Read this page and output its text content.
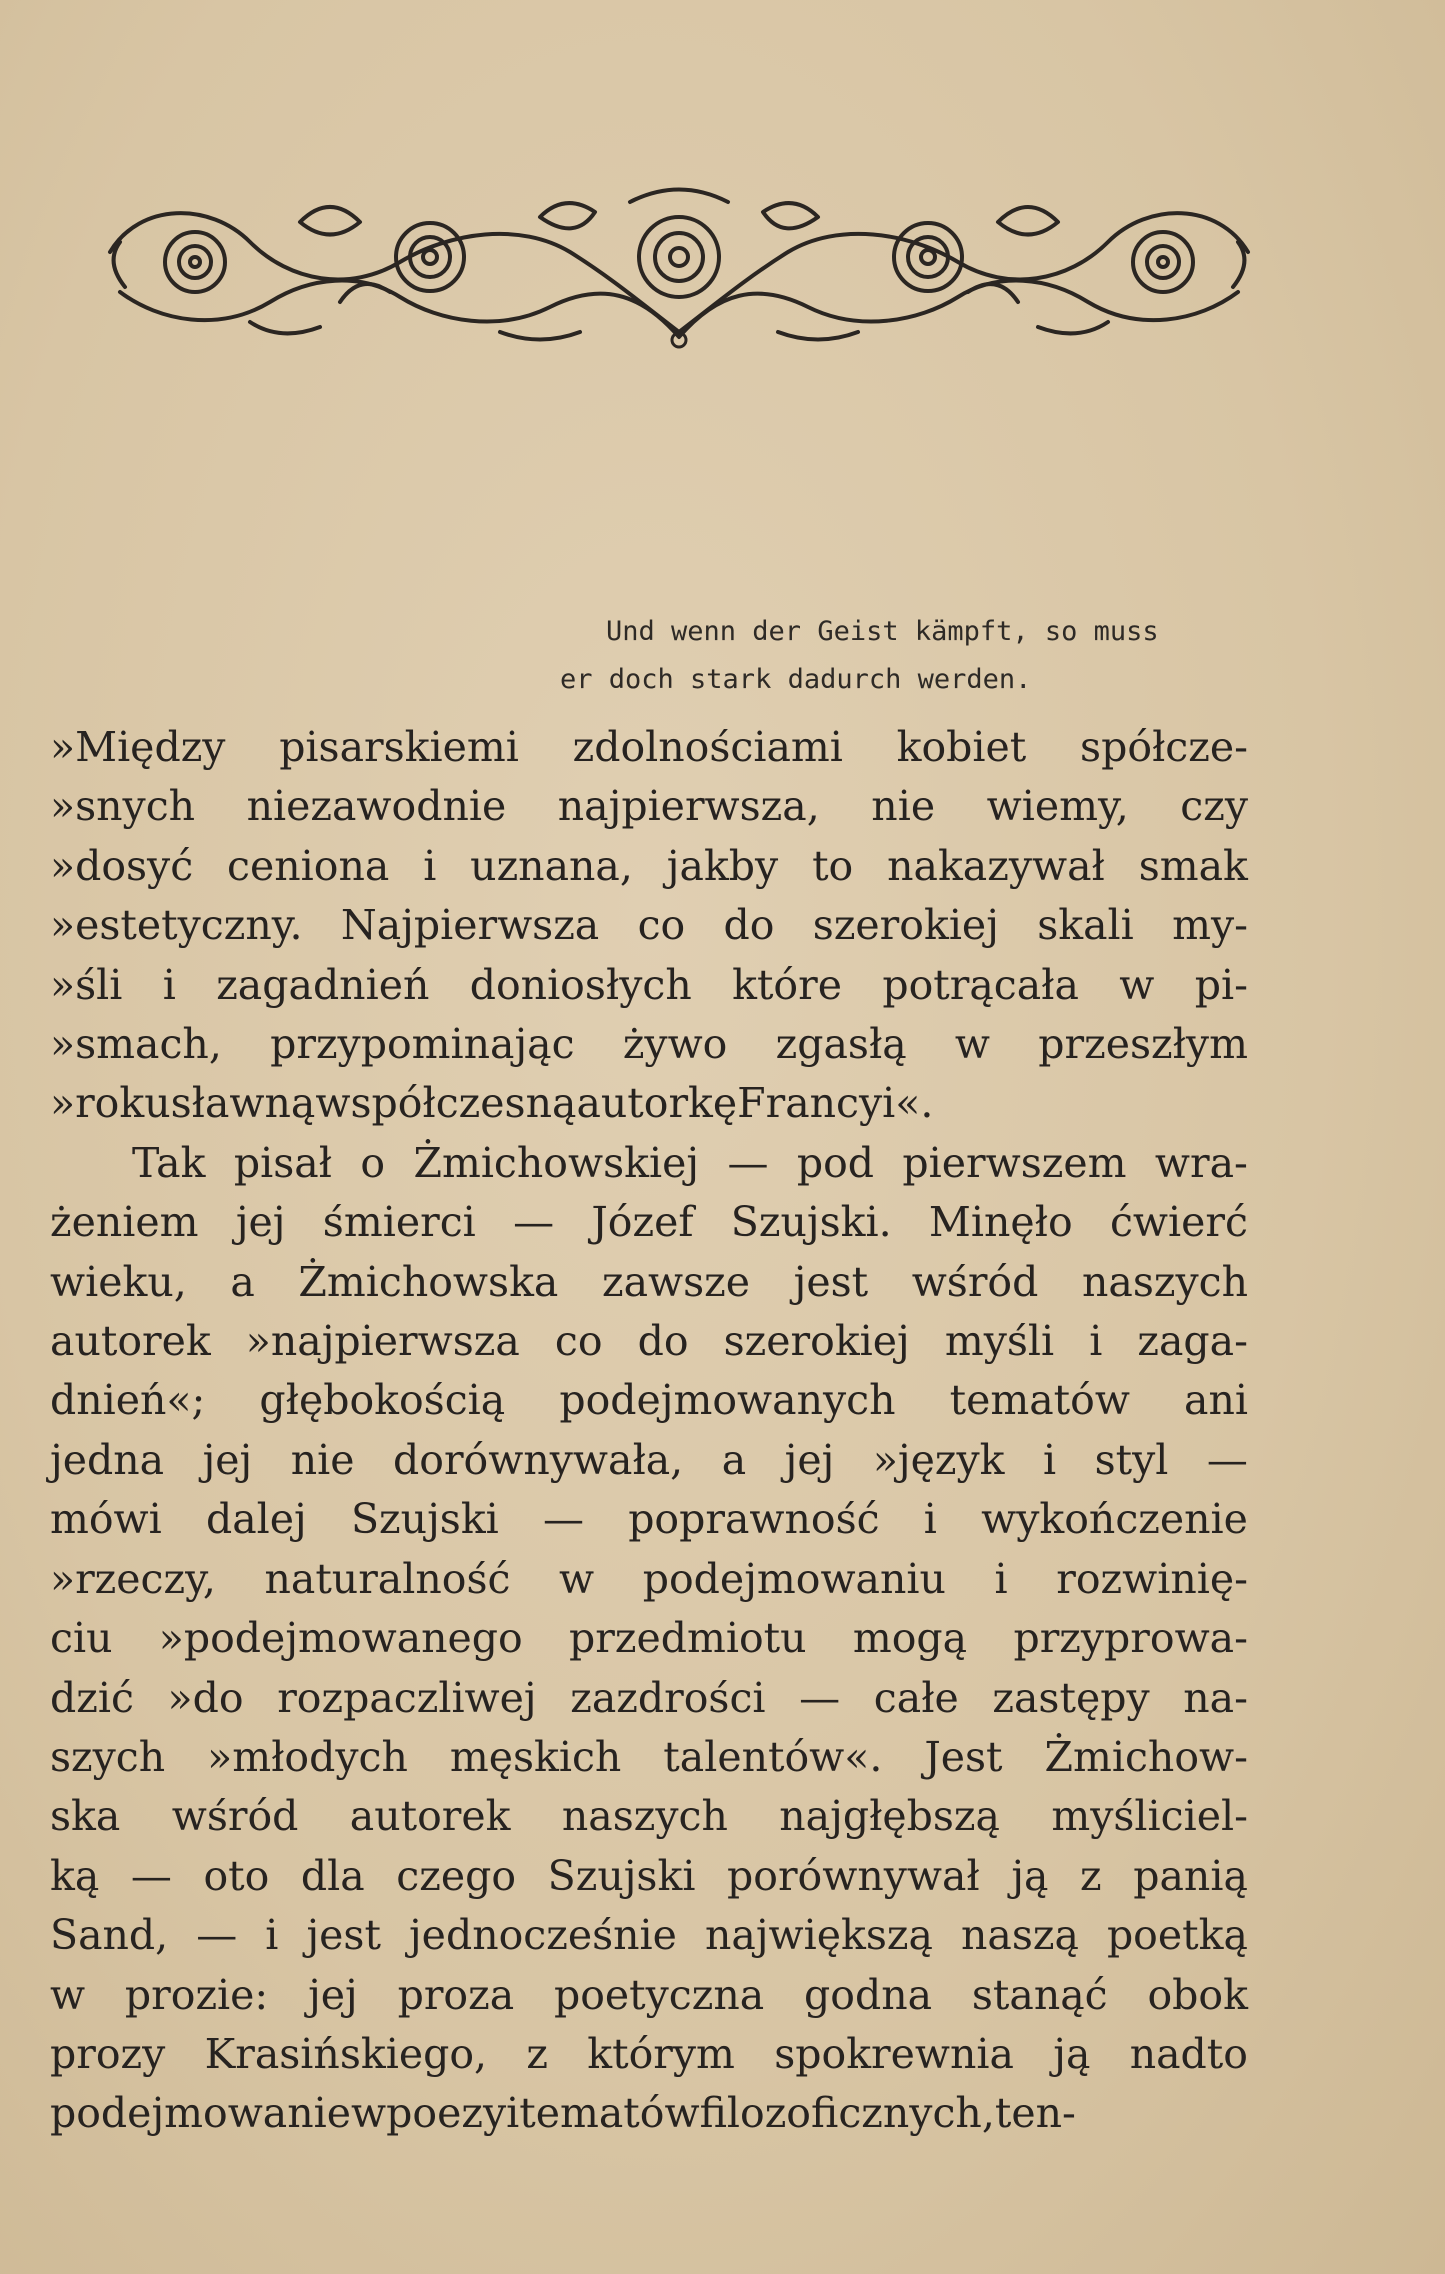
Und wenn der Geist kämpft, so muss
er doch stark dadurch werden.
»Między pisarskiemi zdolnościami kobiet spółcze-
»snych niezawodnie najpierwsza, nie wiemy, czy
»dosyć ceniona i uznana, jakby to nakazywał smak
»estetyczny. Najpierwsza co do szerokiej skali my-
»śli i zagadnień doniosłych które potrącała w pi-
»smach, przypominając żywo zgasłą w przeszłym
»roku sławną współczesną autorkę Francyi«.
Tak pisał o Żmichowskiej — pod pierwszem wra-
żeniem jej śmierci — Józef Szujski. Minęło ćwierć
wieku, a Żmichowska zawsze jest wśród naszych
autorek »najpierwsza co do szerokiej myśli i zaga-
dnień«; głębokością podejmowanych tematów ani
jedna jej nie dorównywała, a jej »język i styl —
mówi dalej Szujski — poprawność i wykończenie
»rzeczy, naturalność w podejmowaniu i rozwinię-
ciu »podejmowanego przedmiotu mogą przyprowa-
dzić »do rozpaczliwej zazdrości — całe zastępy na-
szych »młodych męskich talentów«. Jest Żmichow-
ska wśród autorek naszych najgłębszą myśliciel-
ką — oto dla czego Szujski porównywał ją z panią
Sand, — i jest jednocześnie największą naszą poetką
w prozie: jej proza poetyczna godna stanąć obok
prozy Krasińskiego, z którym spokrewnia ją nadto
podejmowanie w poezyi tematów filozoficznych, ten-
